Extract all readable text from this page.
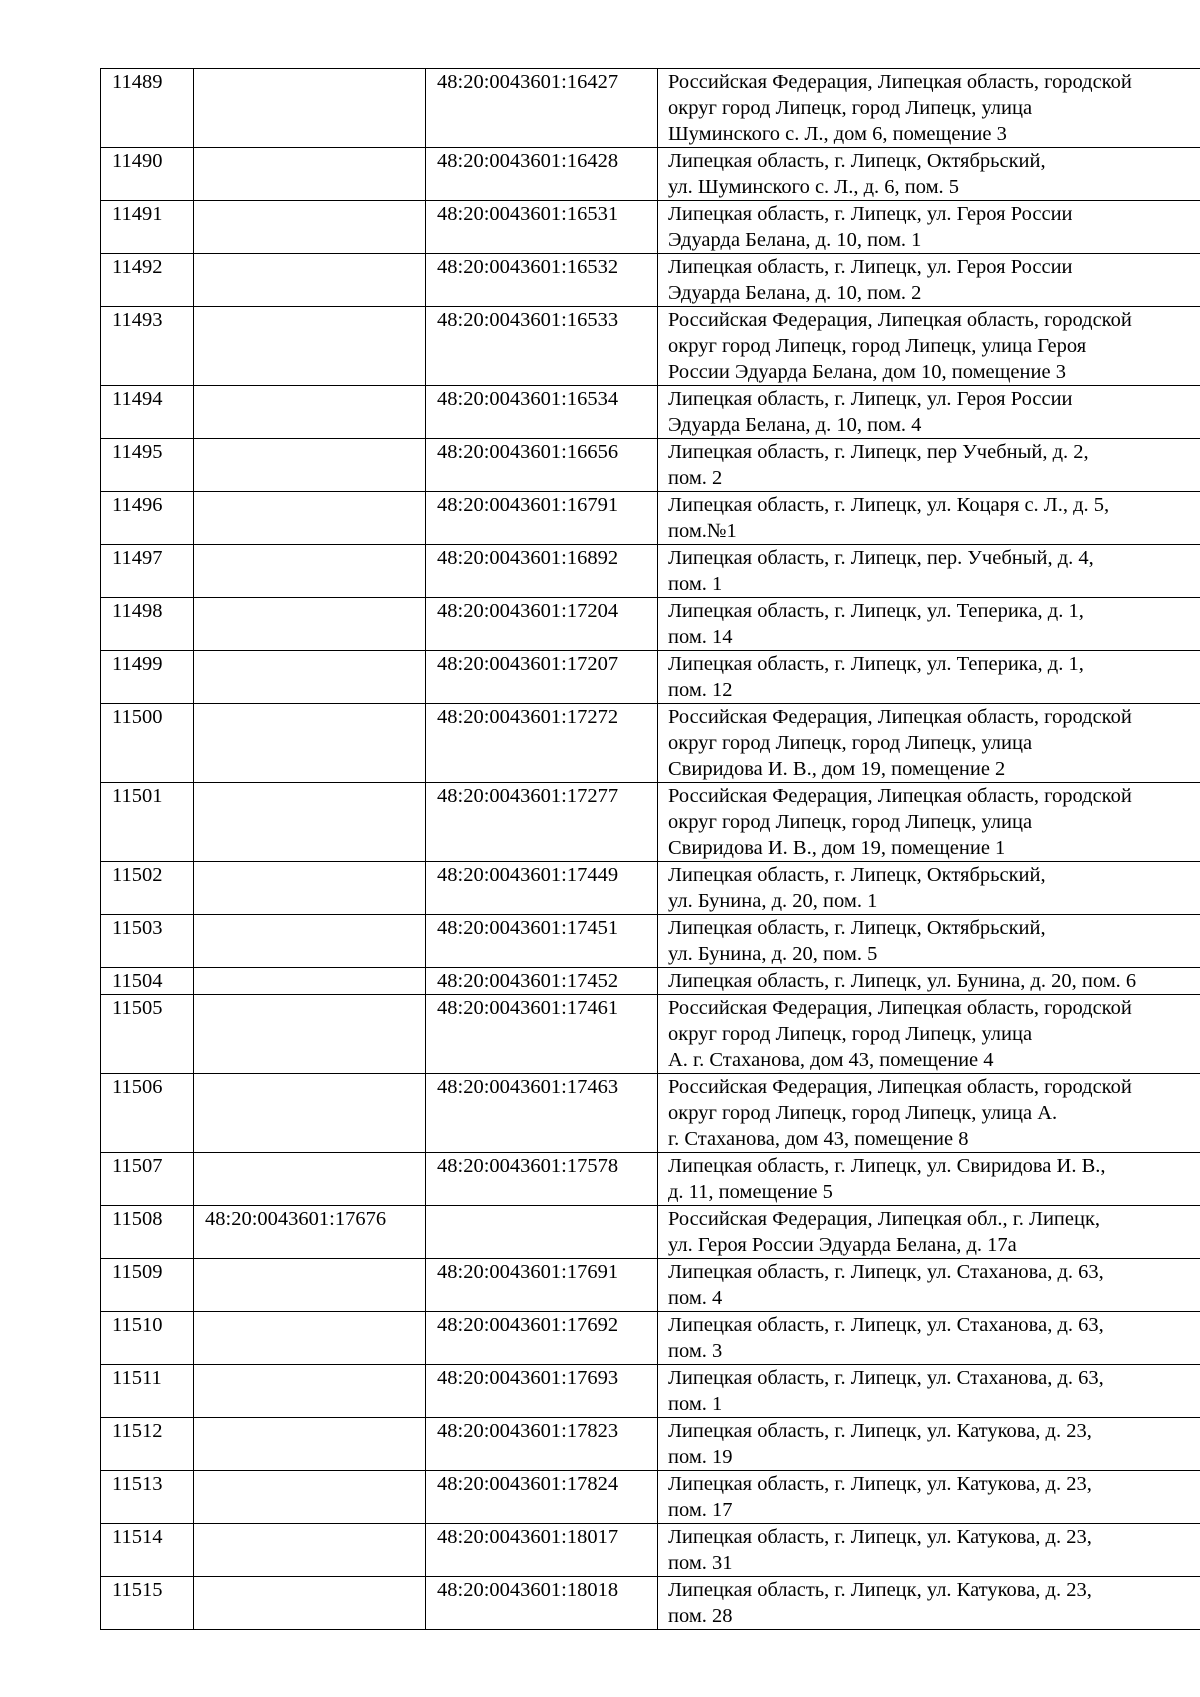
11489		48:20:0043601:16427	Российская Федерация, Липецкая область, городской
округ город Липецк, город Липецк, улица
Шуминского с. Л., дом 6, помещение 3
11490		48:20:0043601:16428	Липецкая область, г. Липецк, Октябрьский,
ул. Шуминского с. Л., д. 6, пом. 5
11491		48:20:0043601:16531	Липецкая область, г. Липецк, ул. Героя России
Эдуарда Белана, д. 10, пом. 1
11492		48:20:0043601:16532	Липецкая область, г. Липецк, ул. Героя России
Эдуарда Белана, д. 10, пом. 2
11493		48:20:0043601:16533	Российская Федерация, Липецкая область, городской
округ город Липецк, город Липецк, улица Героя
России Эдуарда Белана, дом 10, помещение 3
11494		48:20:0043601:16534	Липецкая область, г. Липецк, ул. Героя России
Эдуарда Белана, д. 10, пом. 4
11495		48:20:0043601:16656	Липецкая область, г. Липецк, пер Учебный, д. 2,
пом. 2
11496		48:20:0043601:16791	Липецкая область, г. Липецк, ул. Коцаря с. Л., д. 5,
пом.№1
11497		48:20:0043601:16892	Липецкая область, г. Липецк, пер. Учебный, д. 4,
пом. 1
11498		48:20:0043601:17204	Липецкая область, г. Липецк, ул. Теперика, д. 1,
пом. 14
11499		48:20:0043601:17207	Липецкая область, г. Липецк, ул. Теперика, д. 1,
пом. 12
11500		48:20:0043601:17272	Российская Федерация, Липецкая область, городской
округ город Липецк, город Липецк, улица
Свиридова И. В., дом 19, помещение 2
11501		48:20:0043601:17277	Российская Федерация, Липецкая область, городской
округ город Липецк, город Липецк, улица
Свиридова И. В., дом 19, помещение 1
11502		48:20:0043601:17449	Липецкая область, г. Липецк, Октябрьский,
ул. Бунина, д. 20, пом. 1
11503		48:20:0043601:17451	Липецкая область, г. Липецк, Октябрьский,
ул. Бунина, д. 20, пом. 5
11504		48:20:0043601:17452	Липецкая область, г. Липецк, ул. Бунина, д. 20, пом. 6
11505		48:20:0043601:17461	Российская Федерация, Липецкая область, городской
округ город Липецк, город Липецк, улица
А. г. Стаханова, дом 43, помещение 4
11506		48:20:0043601:17463	Российская Федерация, Липецкая область, городской
округ город Липецк, город Липецк, улица А.
г. Стаханова, дом 43, помещение 8
11507		48:20:0043601:17578	Липецкая область, г. Липецк, ул. Свиридова И. В.,
д. 11, помещение 5
11508	48:20:0043601:17676		Российская Федерация, Липецкая обл., г. Липецк,
ул. Героя России Эдуарда Белана, д. 17а
11509		48:20:0043601:17691	Липецкая область, г. Липецк, ул. Стаханова, д. 63,
пом. 4
11510		48:20:0043601:17692	Липецкая область, г. Липецк, ул. Стаханова, д. 63,
пом. 3
11511		48:20:0043601:17693	Липецкая область, г. Липецк, ул. Стаханова, д. 63,
пом. 1
11512		48:20:0043601:17823	Липецкая область, г. Липецк, ул. Катукова, д. 23,
пом. 19
11513		48:20:0043601:17824	Липецкая область, г. Липецк, ул. Катукова, д. 23,
пом. 17
11514		48:20:0043601:18017	Липецкая область, г. Липецк, ул. Катукова, д. 23,
пом. 31
11515		48:20:0043601:18018	Липецкая область, г. Липецк, ул. Катукова, д. 23,
пом. 28
